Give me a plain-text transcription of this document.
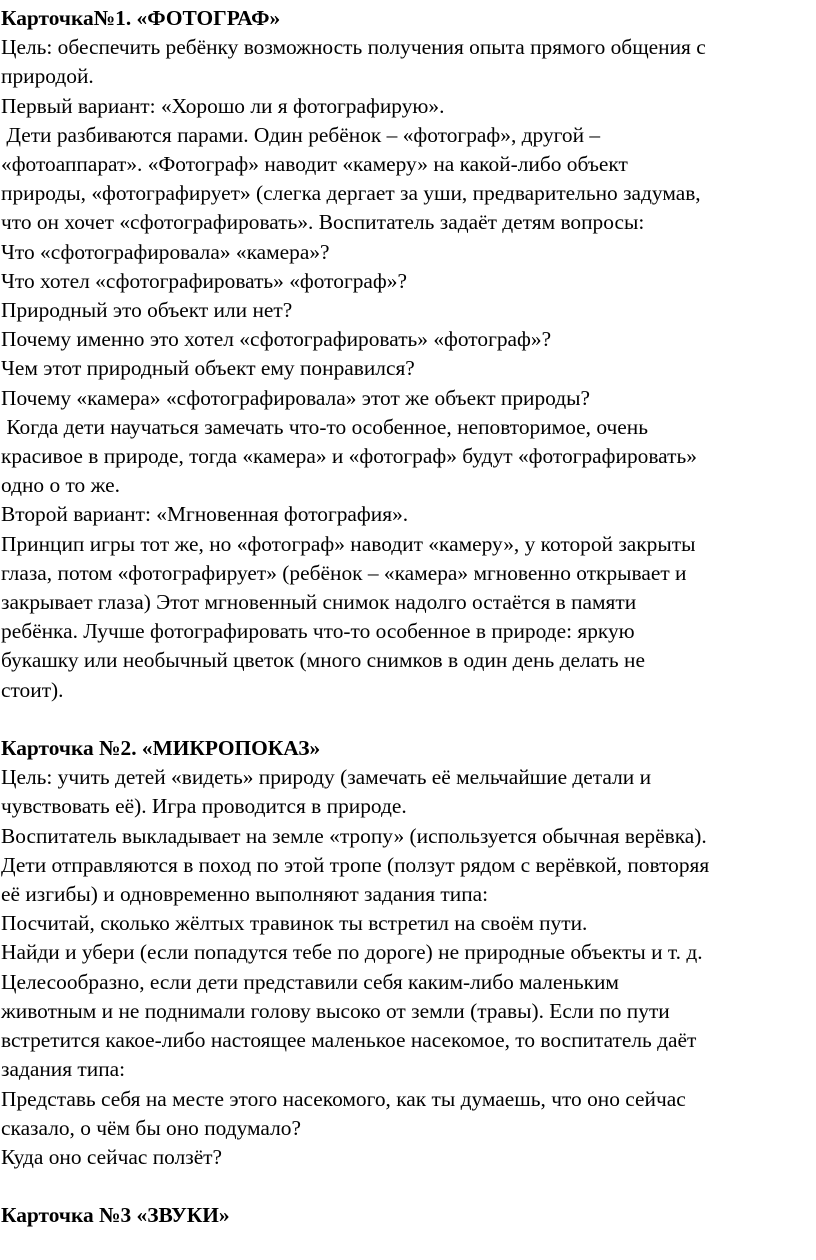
Карточка№1. «ФОТОГРАФ»

Цель: обеспечить ребёнку возможность получения опыта прямого общения с

природой.

Первый вариант: «Хорошо ли я фотографирую».

Дети разбиваются парами. Один ребёнок – «фотограф», другой –

«фотоаппарат». «Фотограф» наводит «камеру» на какой-либо объект

природы, «фотографирует» (слегка дергает за уши, предварительно задумав,

что он хочет «сфотографировать». Воспитатель задаёт детям вопросы:

Что «сфотографировала» «камера»?

Что хотел «сфотографировать» «фотограф»?

Природный это объект или нет?

Почему именно это хотел «сфотографировать» «фотограф»?

Чем этот природный объект ему понравился?

Почему «камера» «сфотографировала» этот же объект природы?

Когда дети научаться замечать что-то особенное, неповторимое, очень

красивое в природе, тогда «камера» и «фотограф» будут «фотографировать»

одно о то же.

Второй вариант: «Мгновенная фотография».

Принцип игры тот же, но «фотограф» наводит «камеру», у которой закрыты

глаза, потом «фотографирует» (ребёнок – «камера» мгновенно открывает и

закрывает глаза) Этот мгновенный снимок надолго остаётся в памяти

ребёнка. Лучше фотографировать что-то особенное в природе: яркую

букашку или необычный цветок (много снимков в один день делать не

стоит).

Карточка №2. «МИКРОПОКАЗ»

Цель: учить детей «видеть» природу (замечать её мельчайшие детали и

чувствовать её). Игра проводится в природе.

Воспитатель выкладывает на земле «тропу» (используется обычная верёвка).

Дети отправляются в поход по этой тропе (ползут рядом с верёвкой, повторяя

её изгибы) и одновременно выполняют задания типа:

Посчитай, сколько жёлтых травинок ты встретил на своём пути.

Найди и убери (если попадутся тебе по дороге) не природные объекты и т. д.

Целесообразно, если дети представили себя каким-либо маленьким

животным и не поднимали голову высоко от земли (травы). Если по пути

встретится какое-либо настоящее маленькое насекомое, то воспитатель даёт

задания типа:

Представь себя на месте этого насекомого, как ты думаешь, что оно сейчас

сказало, о чём бы оно подумало?

Куда оно сейчас ползёт?

Карточка №3 «ЗВУКИ»
